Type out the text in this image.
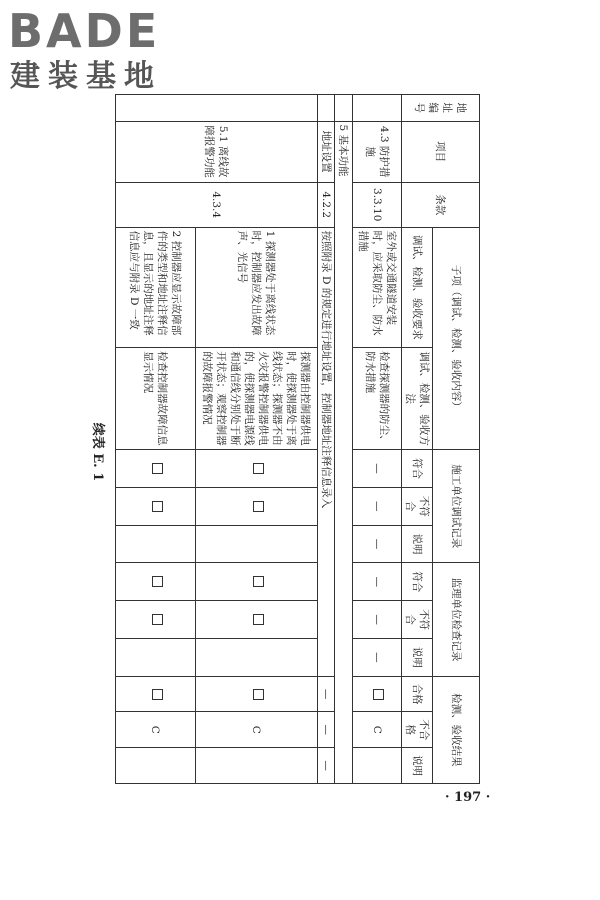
BADE
建装基地
续表 E. 1
地址编号	项目	条款	子项（调试、检测、验收内容）		施工单位调试记录			监理单位检查记录			检测、验收结果		

			调试、检测、验收要求	调试、检测、验收方法	符合	不符合	说明	符合	不符合	说明	合格	不合格	说明
	4.3 防护措施	3.3.10	室外或交通隧道安装时，应采取防尘、防水措施	检查探测器的防尘、防水措施	—	—	—	—	—	—		C	
	5 基本功能												
	地址设置	4.2.2	按照附录 D 的规定进行地址设置，控制器地址注释信息录入								—	—	—
	5.1 离线故障报警功能	4.3.4	1 探测器处于离线状态时，控制器应发出故障声、光信号	探测器由控制器供电时，使探测器处于离线状态；探测器不由火灾报警控制器供电的，使探测器电源线和通信线分别处于断开状态；观察控制器的故障报警情况								C	
			2 控制器应显示故障部件的类型和地址注释信息，且显示的地址注释信息应与附录 D 一致	检查控制器故障信息显示情况								C	
· 197 ·
